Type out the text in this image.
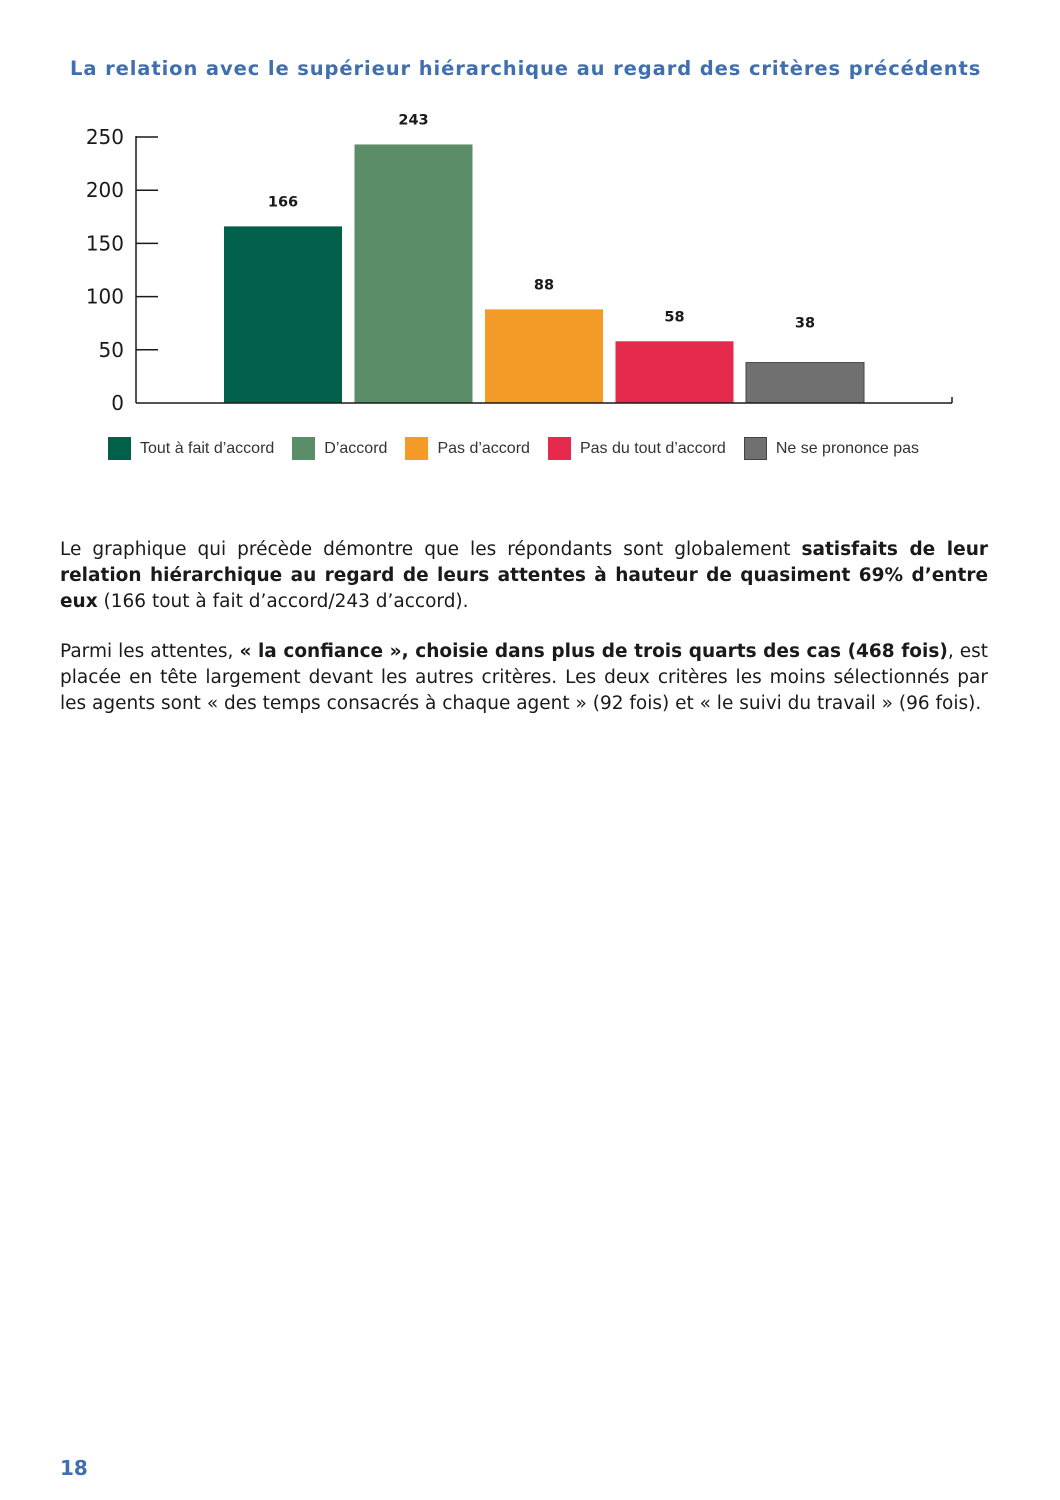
La relation avec le supérieur hiérarchique au regard des critères précédents
0
50
100
150
200
250
166
243
88
58	38
Tout à fait d’accord	D’accord	Pas d’accord	Pas du tout d’accord	Ne se prononce pas

Le graphique qui précède démontre que les répondants sont globalement satisfaits de leur relation hiérarchique au regard de leurs attentes à hauteur de quasiment 69% d’entre eux (166 tout à fait d’accord/243 d’accord).

Parmi les attentes, « la confiance », choisie dans plus de trois quarts des cas (468 fois), est placée en tête largement devant les autres critères. Les deux critères les moins sélectionnés par les agents sont « des temps consacrés à chaque agent » (92 fois) et « le suivi du travail » (96 fois).

18
